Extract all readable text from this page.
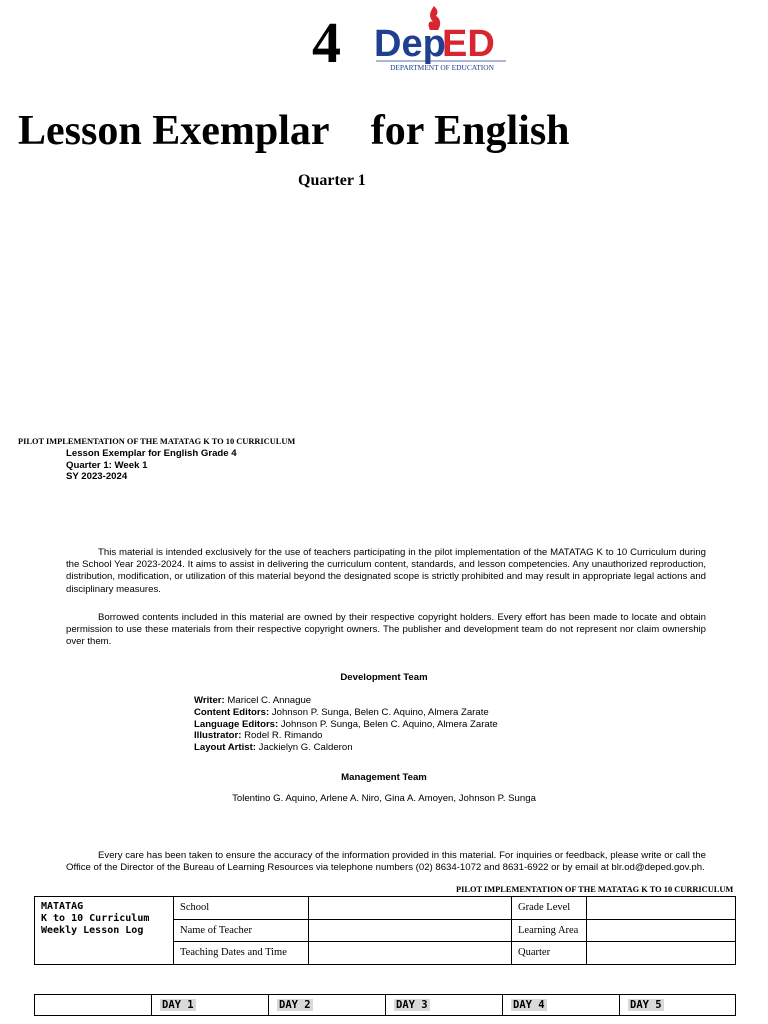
4 Dep
ED
DEPARTMENT OF EDUCATION
Lesson Exemplar    for English
Quarter 1
PILOT IMPLEMENTATION OF THE MATATAG K TO 10 CURRICULUM
Lesson Exemplar for English Grade 4
Quarter 1: Week 1
SY 2023-2024
This material is intended exclusively for the use of teachers participating in the pilot implementation of the MATATAG K to 10 Curriculum during the School Year 2023-2024. It aims to assist in delivering the curriculum content, standards, and lesson competencies. Any unauthorized reproduction, distribution, modification, or utilization of this material beyond the designated scope is strictly prohibited and may result in appropriate legal actions and disciplinary measures.
Borrowed contents included in this material are owned by their respective copyright holders. Every effort has been made to locate and obtain permission to use these materials from their respective copyright owners. The publisher and development team do not represent nor claim ownership over them.
Development Team
Writer: Maricel C. Annague
Content Editors: Johnson P. Sunga, Belen C. Aquino, Almera Zarate
Language Editors: Johnson P. Sunga, Belen C. Aquino, Almera Zarate
Illustrator: Rodel R. Rimando
Layout Artist: Jackielyn G. Calderon
Management Team
Tolentino G. Aquino, Arlene A. Niro, Gina A. Amoyen, Johnson P. Sunga
Every care has been taken to ensure the accuracy of the information provided in this material. For inquiries or feedback, please write or call the Office of the Director of the Bureau of Learning Resources via telephone numbers (02) 8634-1072 and 8631-6922 or by email at blr.od@deped.gov.ph.
PILOT IMPLEMENTATION OF THE MATATAG K TO 10 CURRICULUM
MATATAG
K to 10 Curriculum
Weekly Lesson Log	School		Grade Level	
	Name of Teacher		Learning Area	
	Teaching Dates and Time		Quarter	
	DAY 1	DAY 2	DAY 3	DAY 4	DAY 5
